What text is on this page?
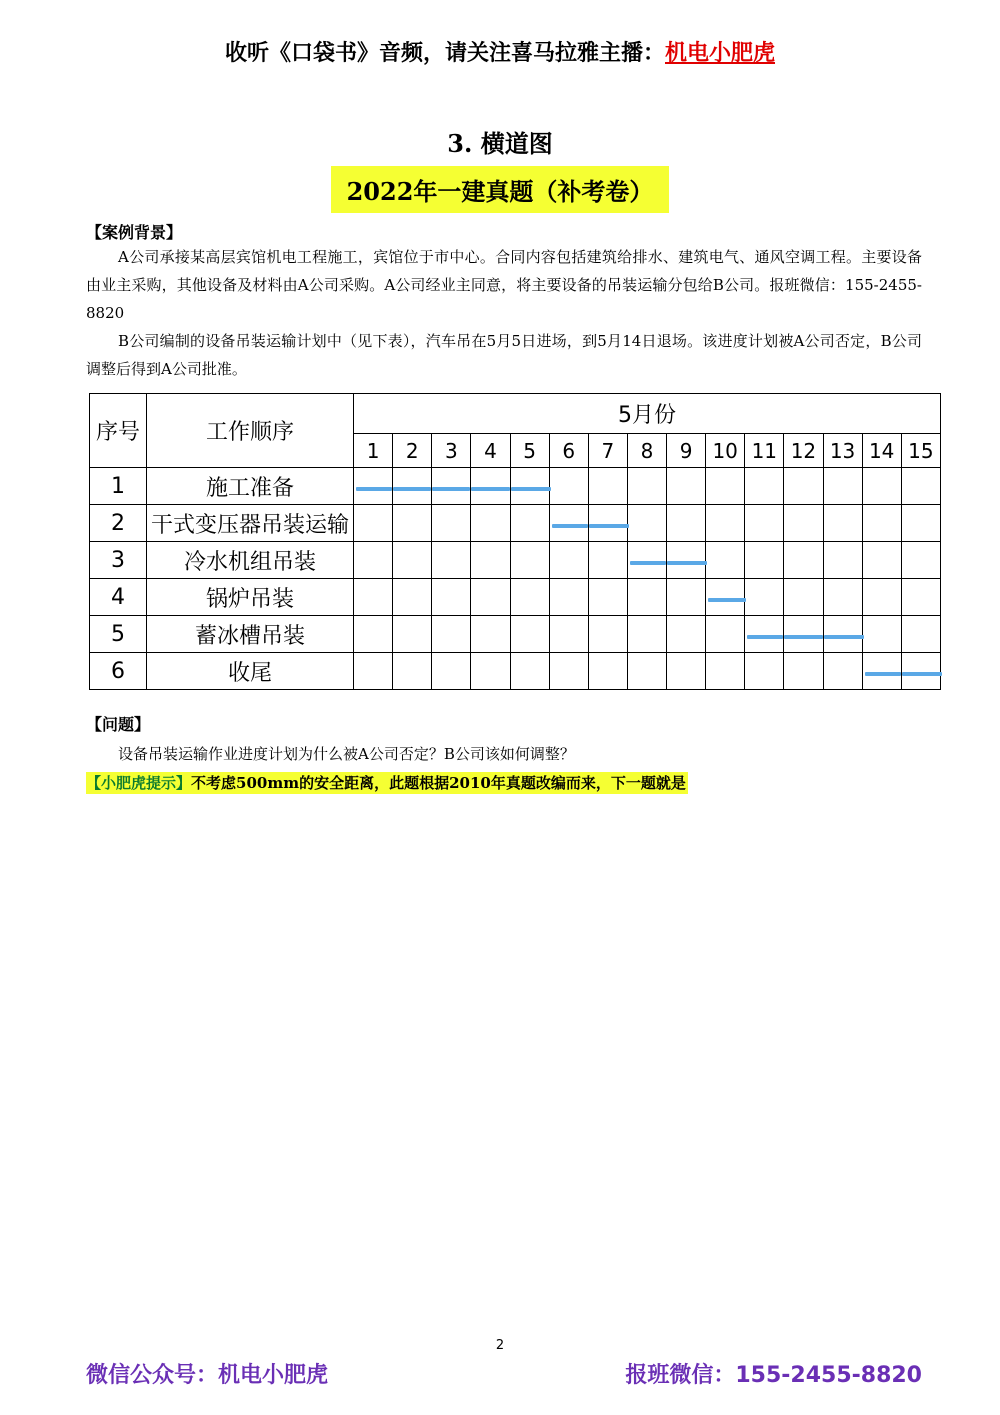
收听《口袋书》音频，请关注喜马拉雅主播：机电小肥虎
3. 横道图
2022年一建真题（补考卷）
【案例背景】
A公司承接某高层宾馆机电工程施工，宾馆位于市中心。合同内容包括建筑给排水、建筑电气、通风空调工程。主要设备由业主采购，其他设备及材料由A公司采购。A公司经业主同意，将主要设备的吊装运输分包给B公司。报班微信：155-2455-8820
B公司编制的设备吊装运输计划中（见下表），汽车吊在5月5日进场，到5月14日退场。该进度计划被A公司否定，B公司调整后得到A公司批准。
序号	工作顺序	5月份														
		1	2	3	4	5	6	7	8	9	10	11	12	13	14	15
1	施工准备	

2	干式变压器吊装运输						

3	冷水机组吊装								

4	锅炉吊装										

5	蓄冰槽吊装											

6	收尾														

【问题】
设备吊装运输作业进度计划为什么被A公司否定？B公司该如何调整？
【小肥虎提示】不考虑500mm的安全距离，此题根据2010年真题改编而来，下一题就是
2
微信公众号：机电小肥虎	报班微信：155-2455-8820
